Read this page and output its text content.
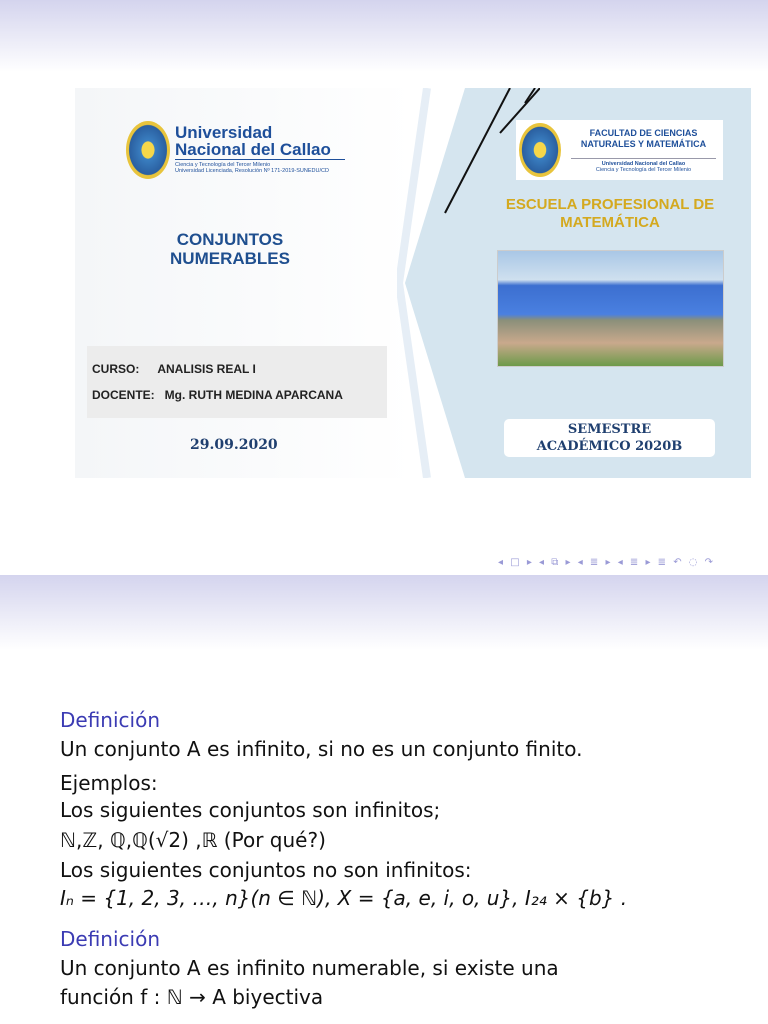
Universidad
Nacional del Callao
Ciencia y Tecnología del Tercer Milenio
Universidad Licenciada, Resolución Nº 171-2019-SUNEDU/CD
CONJUNTOS
NUMERABLES
CURSO: ANALISIS REAL I
DOCENTE: Mg. RUTH MEDINA APARCANA
29.09.2020
FACULTAD DE CIENCIAS
NATURALES Y MATEMÁTICA
Universidad Nacional del Callao
Ciencia y Tecnología del Tercer Milenio
ESCUELA PROFESIONAL DE
MATEMÁTICA
SEMESTRE
ACADÉMICO 2020B
◂ □ ▸ ◂ ⧉ ▸ ◂ ≣ ▸ ◂ ≣ ▸ ≣ ↶ ◌ ↷
Definición
Un conjunto A es infinito, si no es un conjunto finito.
Ejemplos:
Los siguientes conjuntos son infinitos;
ℕ,ℤ, ℚ,ℚ(√2) ,ℝ (Por qué?)
Los siguientes conjuntos no son infinitos:
Iₙ = {1, 2, 3, …, n}(n ∈ ℕ), X = {a, e, i, o, u}, I₂₄ × {b} .
Definición
Un conjunto A es infinito numerable, si existe una
función f : ℕ → A biyectiva
